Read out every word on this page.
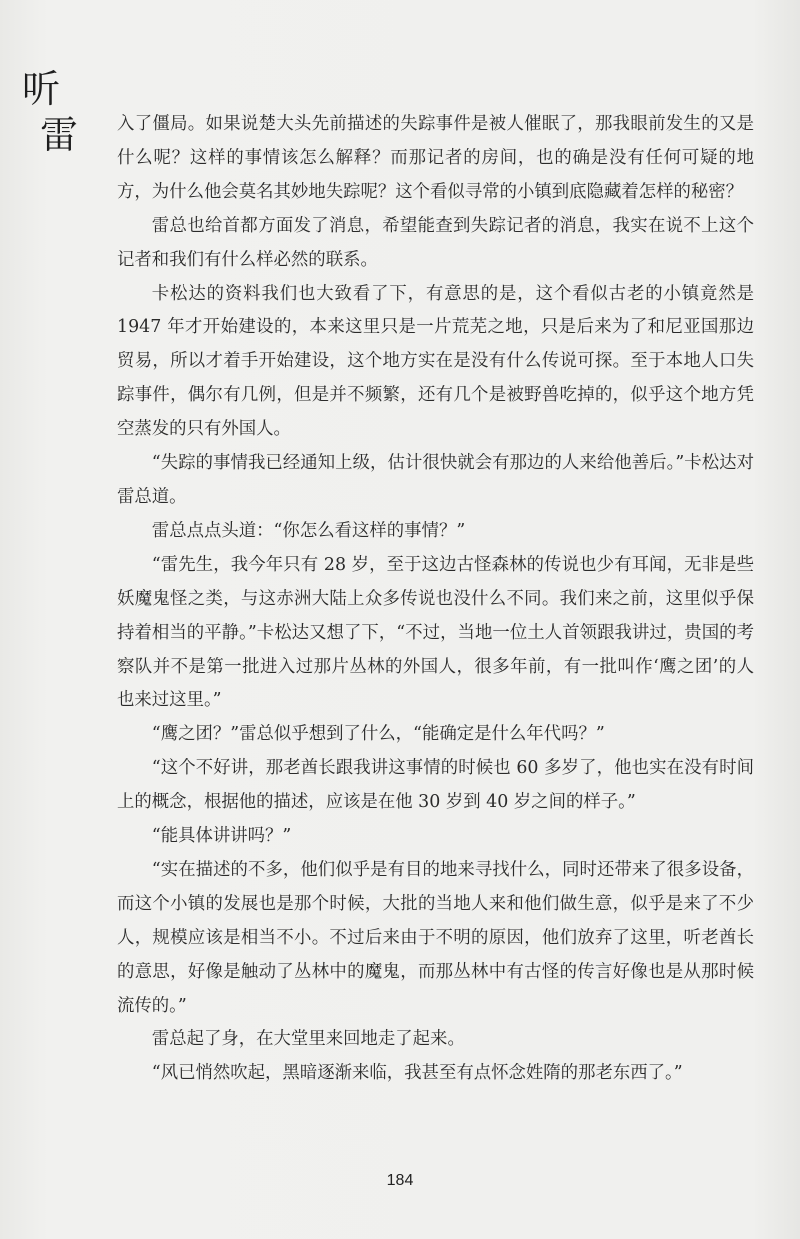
听
雷 入了僵局。如果说楚大头先前描述的失踪事件是被人催眠了，那我眼前发生的又是什么呢？这样的事情该怎么解释？而那记者的房间，也的确是没有任何可疑的地方，为什么他会莫名其妙地失踪呢？这个看似寻常的小镇到底隐藏着怎样的秘密？

雷总也给首都方面发了消息，希望能查到失踪记者的消息，我实在说不上这个记者和我们有什么样必然的联系。

卡松达的资料我们也大致看了下，有意思的是，这个看似古老的小镇竟然是 1947 年才开始建设的，本来这里只是一片荒芜之地，只是后来为了和尼亚国那边贸易，所以才着手开始建设，这个地方实在是没有什么传说可探。至于本地人口失踪事件，偶尔有几例，但是并不频繁，还有几个是被野兽吃掉的，似乎这个地方凭空蒸发的只有外国人。

“失踪的事情我已经通知上级，估计很快就会有那边的人来给他善后。”卡松达对雷总道。

雷总点点头道：“你怎么看这样的事情？”

“雷先生，我今年只有 28 岁，至于这边古怪森林的传说也少有耳闻，无非是些妖魔鬼怪之类，与这赤洲大陆上众多传说也没什么不同。我们来之前，这里似乎保持着相当的平静。”卡松达又想了下，“不过，当地一位土人首领跟我讲过，贵国的考察队并不是第一批进入过那片丛林的外国人，很多年前，有一批叫作‘鹰之团’的人也来过这里。”

“鹰之团？”雷总似乎想到了什么，“能确定是什么年代吗？”

“这个不好讲，那老酋长跟我讲这事情的时候也 60 多岁了，他也实在没有时间上的概念，根据他的描述，应该是在他 30 岁到 40 岁之间的样子。”

“能具体讲讲吗？”

“实在描述的不多，他们似乎是有目的地来寻找什么，同时还带来了很多设备，而这个小镇的发展也是那个时候，大批的当地人来和他们做生意，似乎是来了不少人，规模应该是相当不小。不过后来由于不明的原因，他们放弃了这里，听老酋长的意思，好像是触动了丛林中的魔鬼，而那丛林中有古怪的传言好像也是从那时候流传的。”

雷总起了身，在大堂里来回地走了起来。

“风已悄然吹起，黑暗逐渐来临，我甚至有点怀念姓隋的那老东西了。”

184
